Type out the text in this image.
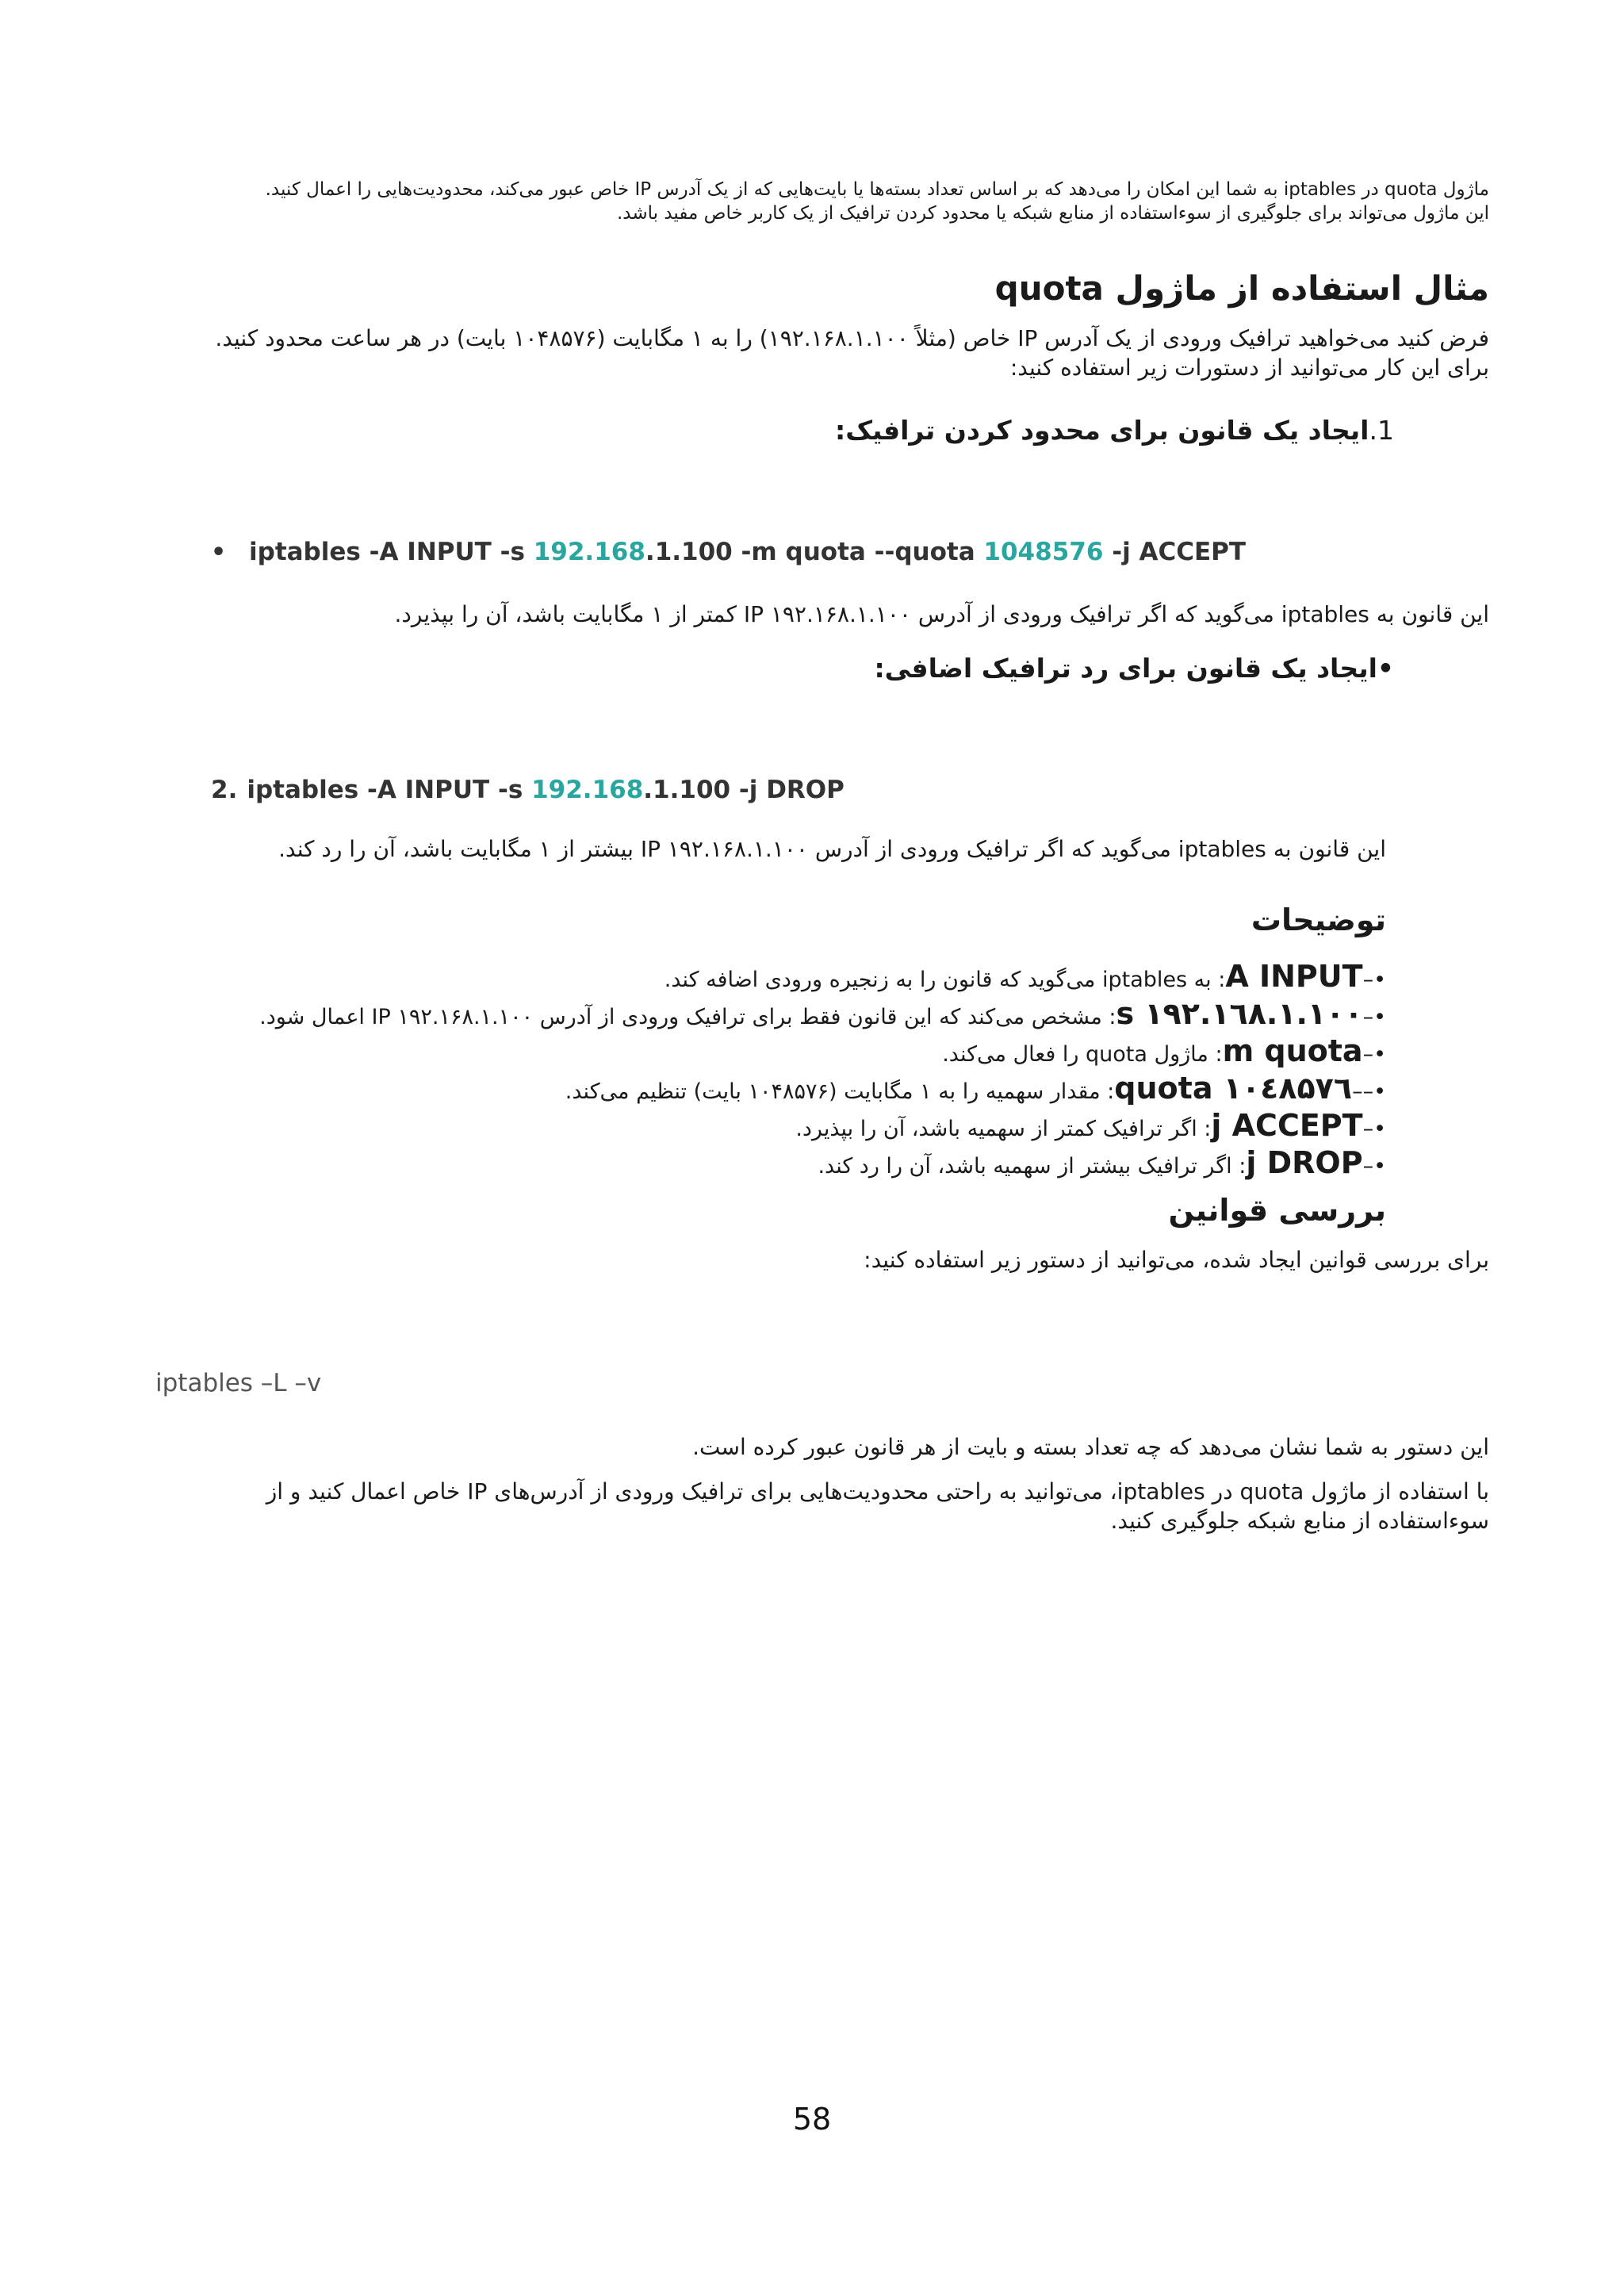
ماژول quota در iptables به شما این امکان را می‌دهد که بر اساس تعداد بسته‌ها یا بایت‌هایی که از یک آدرس IP خاص عبور می‌کند، محدودیت‌هایی را اعمال کنید.
این ماژول می‌تواند برای جلوگیری از سوءاستفاده از منابع شبکه یا محدود کردن ترافیک از یک کاربر خاص مفید باشد.
مثال استفاده از ماژول quota
فرض کنید می‌خواهید ترافیک ورودی از یک آدرس IP خاص (مثلاً ۱۹۲.۱۶۸.۱.۱۰۰) را به ۱ مگابایت (۱۰۴۸۵۷۶ بایت) در هر ساعت محدود کنید. برای این کار می‌توانید از دستورات زیر استفاده کنید:
1.ایجاد یک قانون برای محدود کردن ترافیک:
• iptables -A INPUT -s 192.168.1.100 -m quota --quota 1048576 -j ACCEPT
این قانون به iptables می‌گوید که اگر ترافیک ورودی از آدرس IP ۱۹۲.۱۶۸.۱.۱۰۰ کمتر از ۱ مگابایت باشد، آن را بپذیرد.
•ایجاد یک قانون برای رد ترافیک اضافی:
2. iptables -A INPUT -s 192.168.1.100 -j DROP
این قانون به iptables می‌گوید که اگر ترافیک ورودی از آدرس IP ۱۹۲.۱۶۸.۱.۱۰۰ بیشتر از ۱ مگابایت باشد، آن را رد کند.
توضیحات
•–A INPUT: به iptables می‌گوید که قانون را به زنجیره ورودی اضافه کند.
•–s ۱۹۲.۱٦۸.۱.۱۰۰: مشخص می‌کند که این قانون فقط برای ترافیک ورودی از آدرس IP ۱۹۲.۱۶۸.۱.۱۰۰ اعمال شود.
•–m quota: ماژول quota را فعال می‌کند.
•––quota ۱۰٤۸۵۷٦: مقدار سهمیه را به ۱ مگابایت (۱۰۴۸۵۷۶ بایت) تنظیم می‌کند.
•–j ACCEPT: اگر ترافیک کمتر از سهمیه باشد، آن را بپذیرد.
•–j DROP: اگر ترافیک بیشتر از سهمیه باشد، آن را رد کند.
بررسی قوانین
برای بررسی قوانین ایجاد شده، می‌توانید از دستور زیر استفاده کنید:
iptables –L –v
این دستور به شما نشان می‌دهد که چه تعداد بسته و بایت از هر قانون عبور کرده است.
با استفاده از ماژول quota در iptables، می‌توانید به راحتی محدودیت‌هایی برای ترافیک ورودی از آدرس‌های IP خاص اعمال کنید و از سوءاستفاده از منابع شبکه جلوگیری کنید.
58
